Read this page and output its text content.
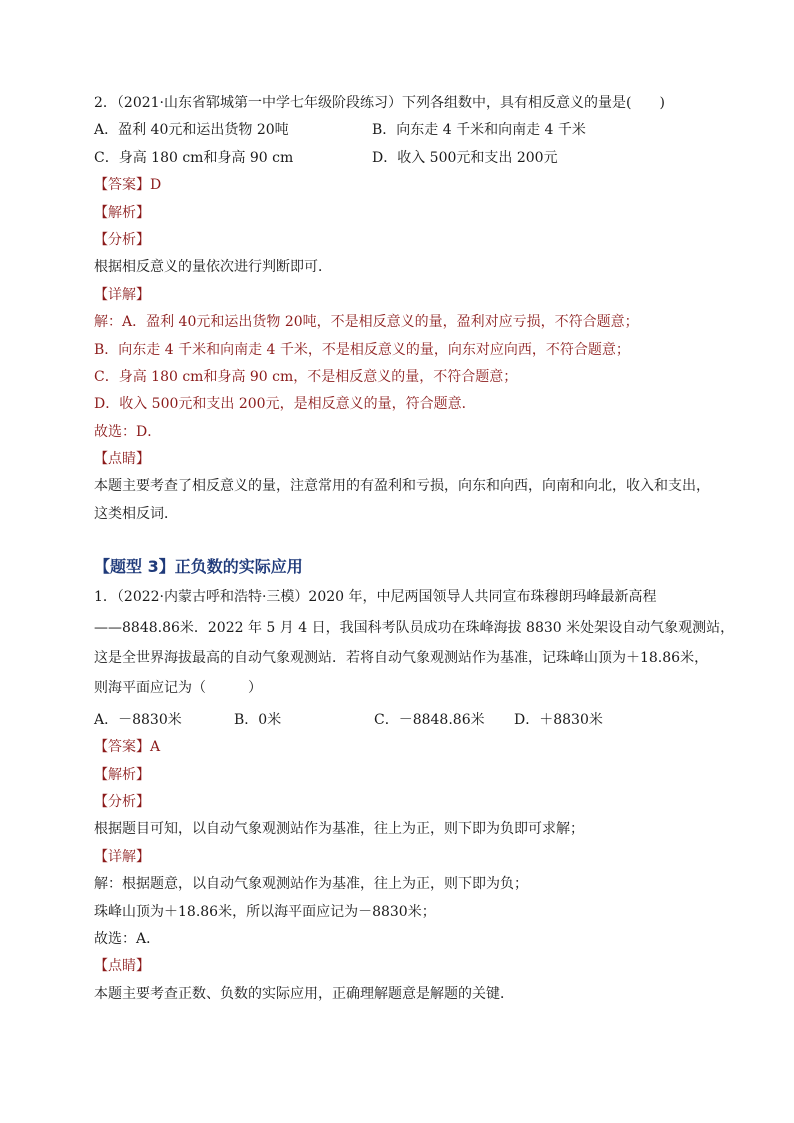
2．（2021·山东省郓城第一中学七年级阶段练习）下列各组数中，具有相反意义的量是(　　)
A．盈利 40元和运出货物 20吨	B．向东走 4 千米和向南走 4 千米
C．身高 180 cm和身高 90 cm	D．收入 500元和支出 200元
【答案】D
【解析】
【分析】
根据相反意义的量依次进行判断即可．
【详解】
解：A．盈利 40元和运出货物 20吨，不是相反意义的量，盈利对应亏损，不符合题意；
B．向东走 4 千米和向南走 4 千米，不是相反意义的量，向东对应向西，不符合题意；
C．身高 180 cm和身高 90 cm，不是相反意义的量，不符合题意；
D．收入 500元和支出 200元，是相反意义的量，符合题意．
故选：D．
【点睛】
本题主要考查了相反意义的量，注意常用的有盈利和亏损，向东和向西，向南和向北，收入和支出，
这类相反词．
【题型 3】正负数的实际应用
1．（2022·内蒙古呼和浩特·三模）2020 年，中尼两国领导人共同宣布珠穆朗玛峰最新高程
——8848.86米．2022 年 5 月 4 日，我国科考队员成功在珠峰海拔 8830 米处架设自动气象观测站，
这是全世界海拔最高的自动气象观测站．若将自动气象观测站作为基准，记珠峰山顶为＋18.86米，
则海平面应记为（　　　）
A．－8830米	B．0米	C．－8848.86米	D．＋8830米
【答案】A
【解析】
【分析】
根据题目可知，以自动气象观测站作为基准，往上为正，则下即为负即可求解；
【详解】
解：根据题意，以自动气象观测站作为基准，往上为正，则下即为负；
珠峰山顶为＋18.86米，所以海平面应记为－8830米；
故选：A．
【点睛】
本题主要考查正数、负数的实际应用，正确理解题意是解题的关键．
